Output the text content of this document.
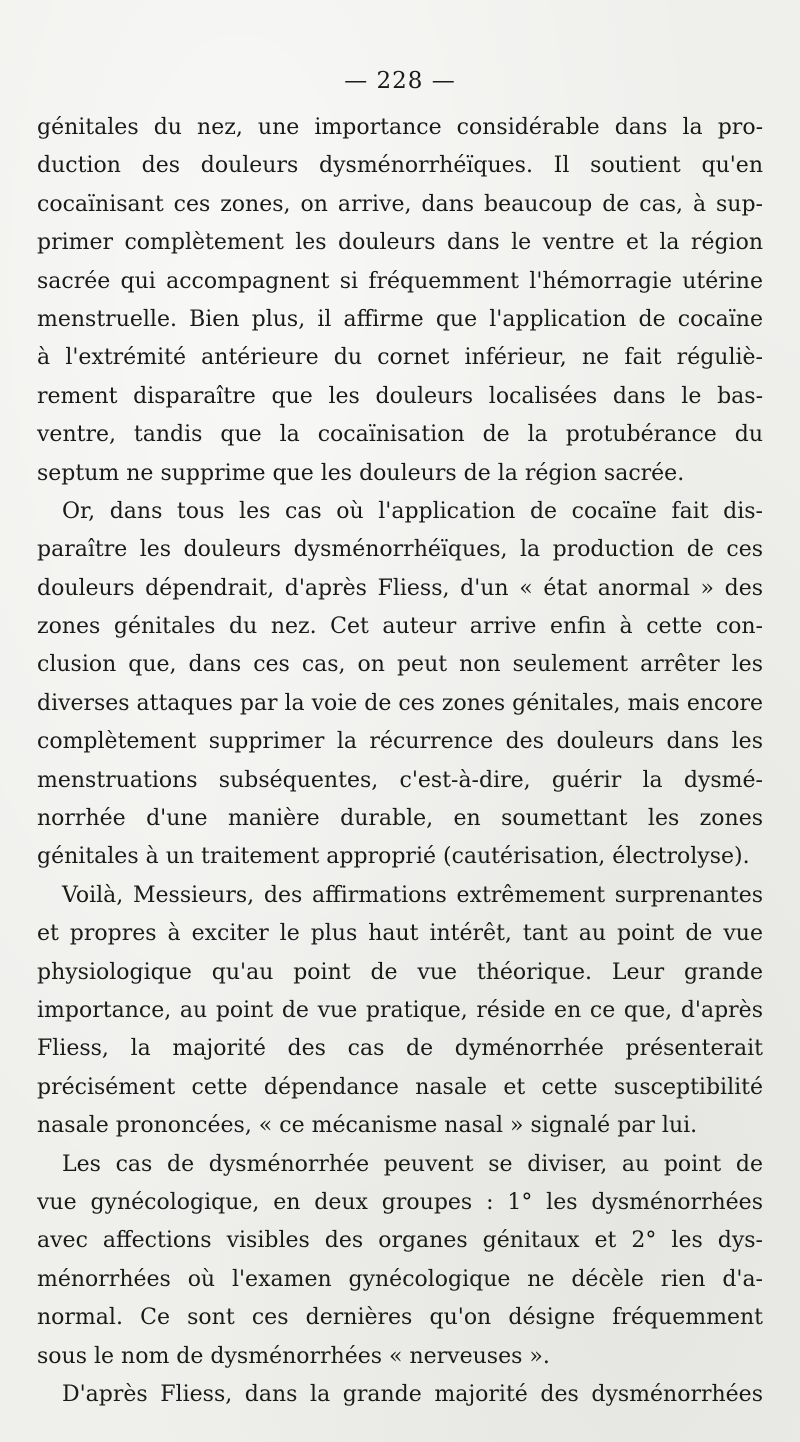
— 228 —
génitales du nez, une importance considérable dans la pro-
duction des douleurs dysménorrhéïques. Il soutient qu'en
cocaïnisant ces zones, on arrive, dans beaucoup de cas, à sup-
primer complètement les douleurs dans le ventre et la région
sacrée qui accompagnent si fréquemment l'hémorragie utérine
menstruelle. Bien plus, il affirme que l'application de cocaïne
à l'extrémité antérieure du cornet inférieur, ne fait réguliè-
rement disparaître que les douleurs localisées dans le bas-
ventre, tandis que la cocaïnisation de la protubérance du
septum ne supprime que les douleurs de la région sacrée.
Or, dans tous les cas où l'application de cocaïne fait dis-
paraître les douleurs dysménorrhéïques, la production de ces
douleurs dépendrait, d'après Fliess, d'un « état anormal » des
zones génitales du nez. Cet auteur arrive enfin à cette con-
clusion que, dans ces cas, on peut non seulement arrêter les
diverses attaques par la voie de ces zones génitales, mais encore
complètement supprimer la récurrence des douleurs dans les
menstruations subséquentes, c'est-à-dire, guérir la dysmé-
norrhée d'une manière durable, en soumettant les zones
génitales à un traitement approprié (cautérisation, électrolyse).
Voilà, Messieurs, des affirmations extrêmement surprenantes
et propres à exciter le plus haut intérêt, tant au point de vue
physiologique qu'au point de vue théorique. Leur grande
importance, au point de vue pratique, réside en ce que, d'après
Fliess, la majorité des cas de dyménorrhée présenterait
précisément cette dépendance nasale et cette susceptibilité
nasale prononcées, « ce mécanisme nasal » signalé par lui.
Les cas de dysménorrhée peuvent se diviser, au point de
vue gynécologique, en deux groupes : 1° les dysménorrhées
avec affections visibles des organes génitaux et 2° les dys-
ménorrhées où l'examen gynécologique ne décèle rien d'a-
normal. Ce sont ces dernières qu'on désigne fréquemment
sous le nom de dysménorrhées « nerveuses ».
D'après Fliess, dans la grande majorité des dysménorrhées
